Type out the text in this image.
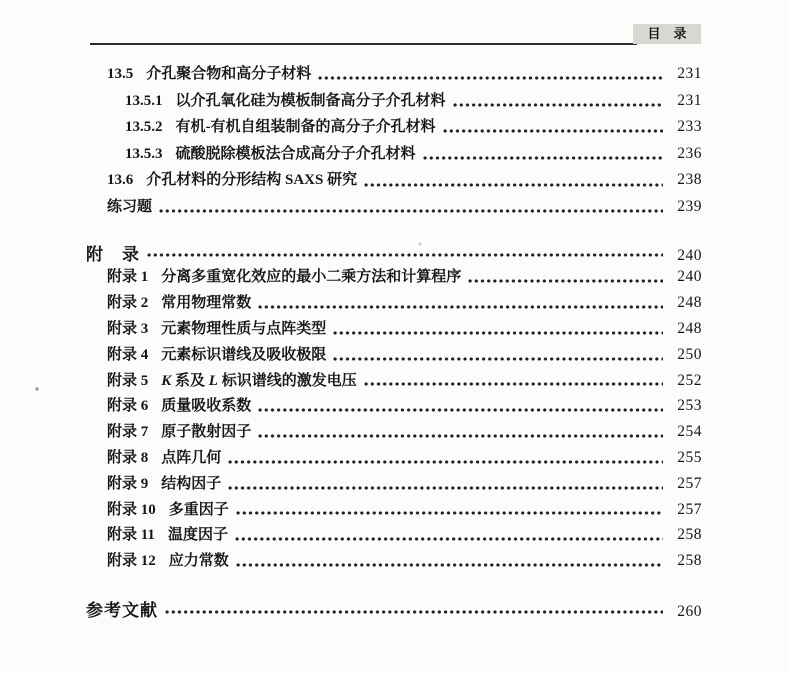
目　录
13.5 介孔聚合物和高分子材料	231
13.5.1 以介孔氧化硅为模板制备高分子介孔材料	231
13.5.2 有机-有机自组装制备的高分子介孔材料	233
13.5.3 硫酸脱除模板法合成高分子介孔材料	236
13.6 介孔材料的分形结构 SAXS 研究	238
练习题	239
附　录	240
附录 1 分离多重宽化效应的最小二乘方法和计算程序	240
附录 2 常用物理常数	248
附录 3 元素物理性质与点阵类型	248
附录 4 元素标识谱线及吸收极限	250
附录 5 K 系及 L 标识谱线的激发电压	252
附录 6 质量吸收系数	253
附录 7 原子散射因子	254
附录 8 点阵几何	255
附录 9 结构因子	257
附录 10 多重因子	257
附录 11 温度因子	258
附录 12 应力常数	258
参考文献	260
